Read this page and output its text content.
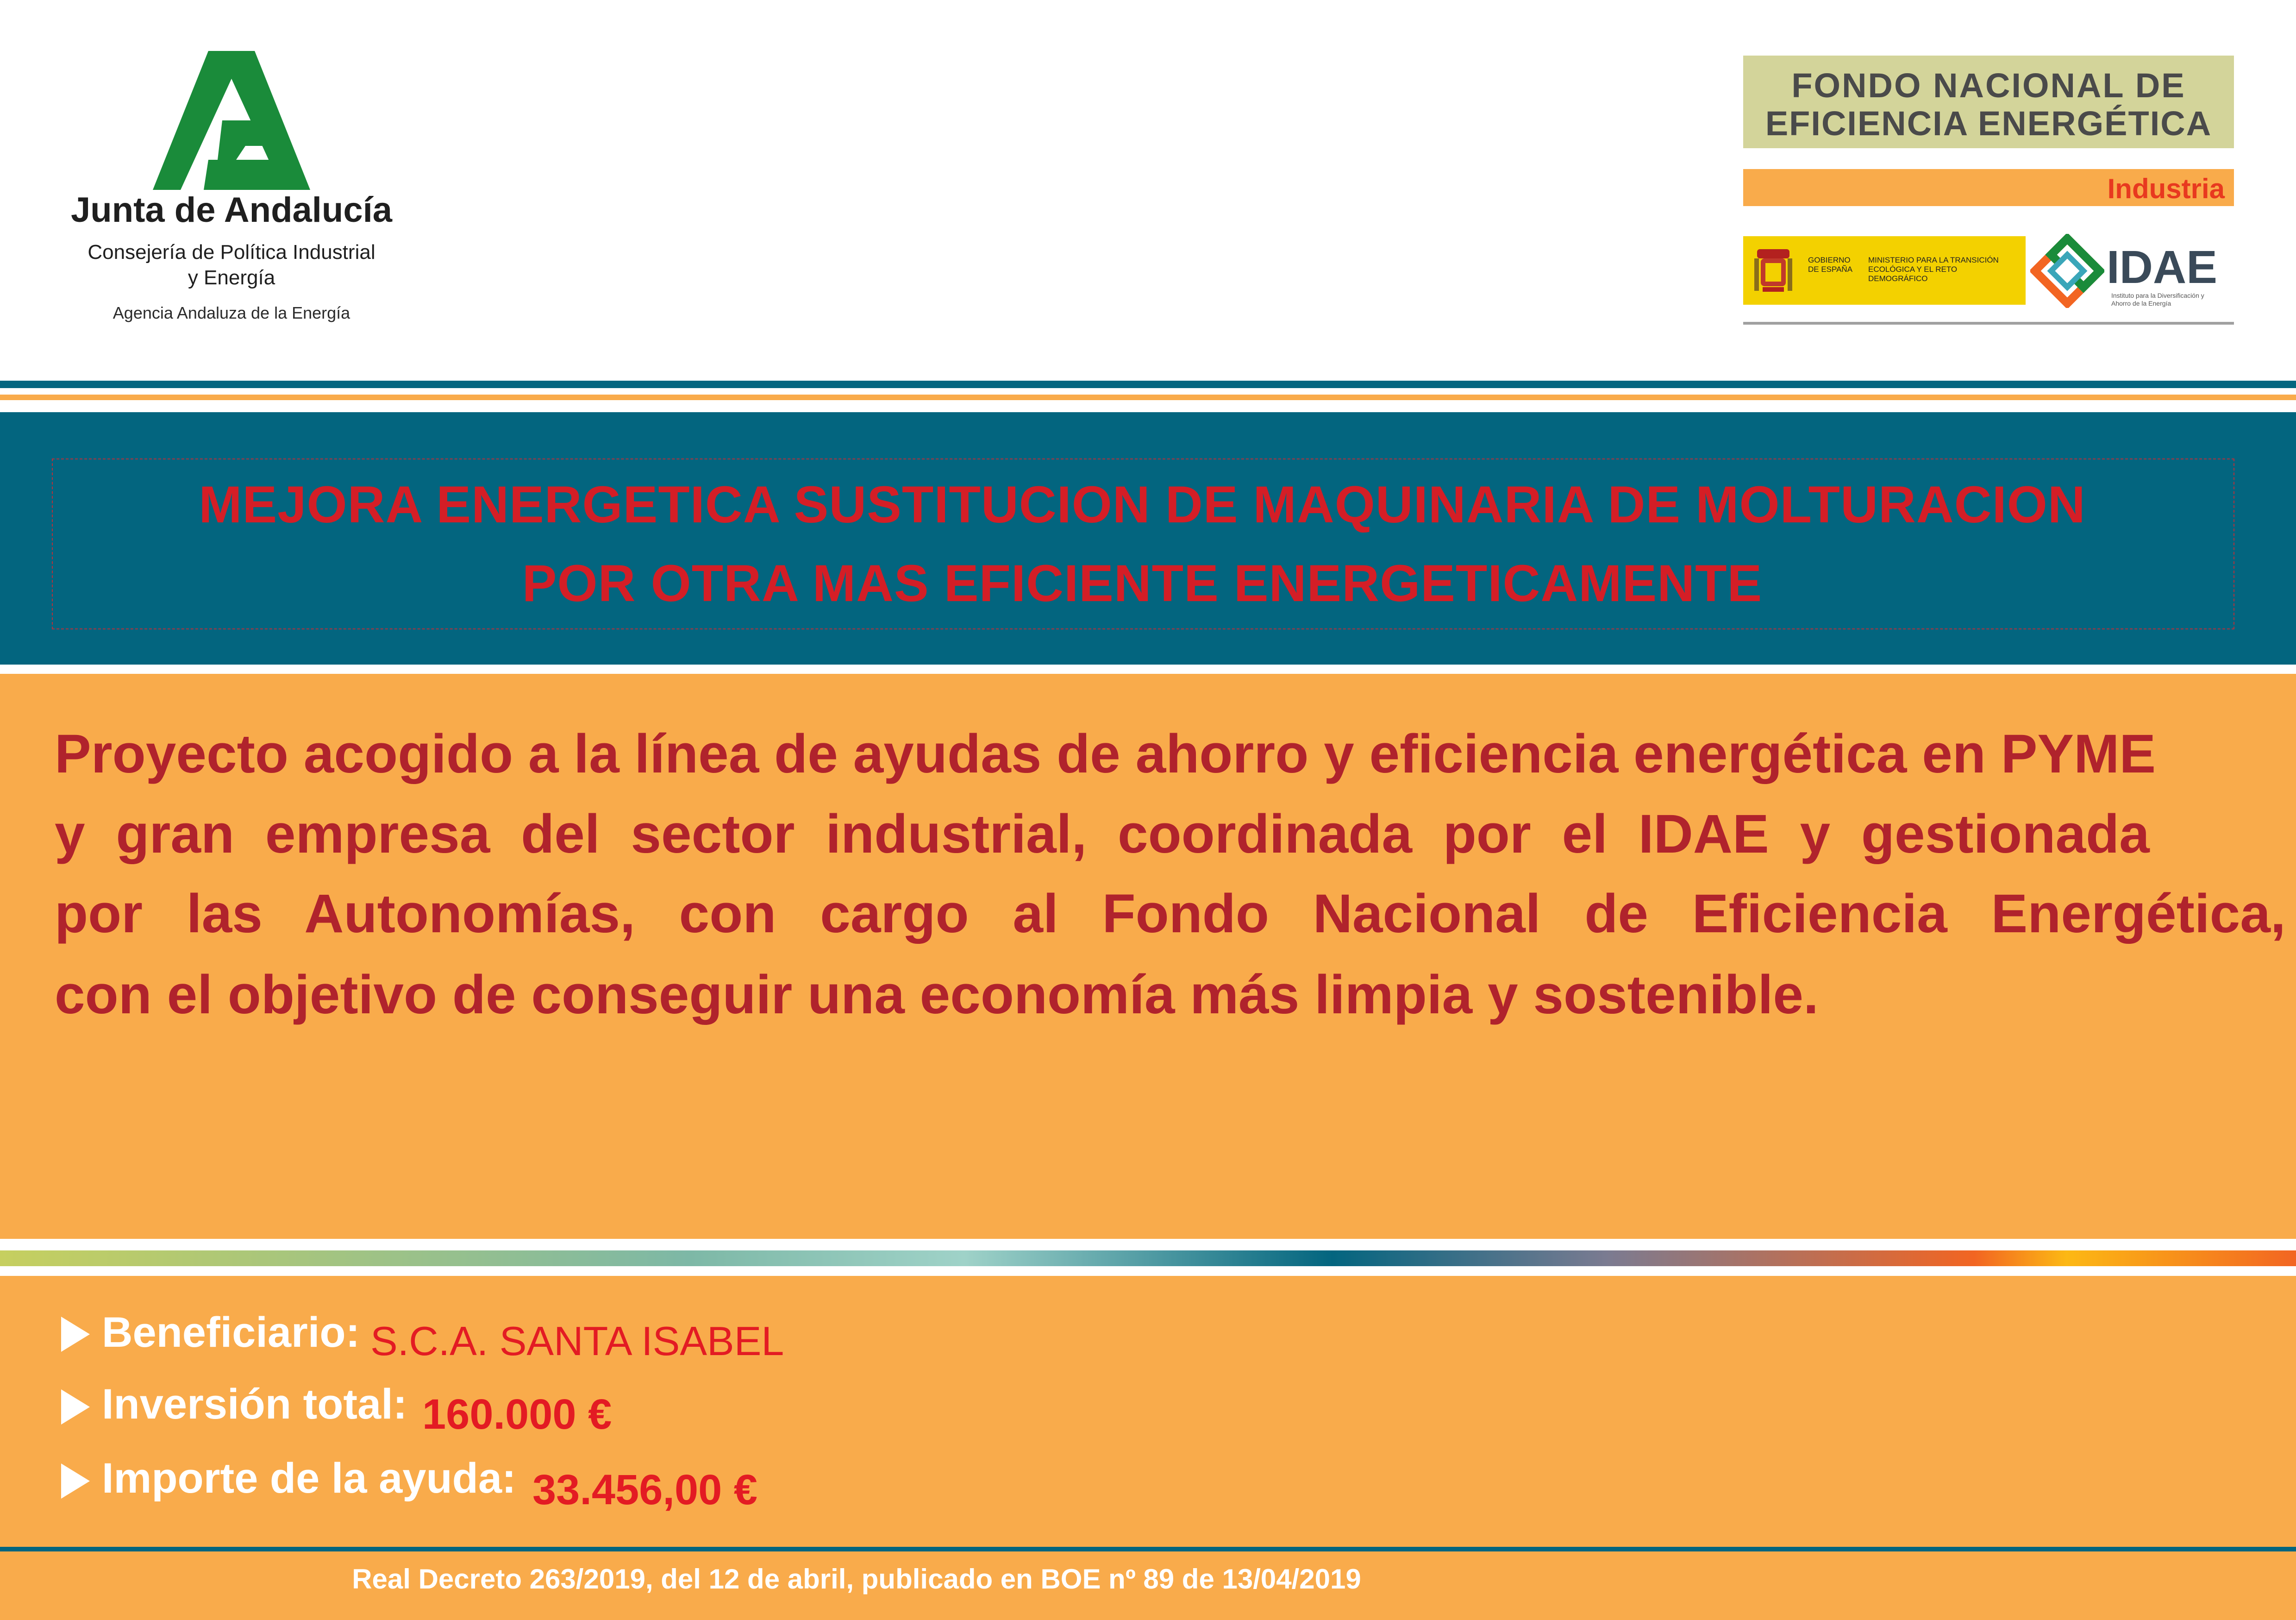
Junta de Andalucía
Consejería de Política Industrial
y Energía
Agencia Andaluza de la Energía
FONDO NACIONAL DE
EFICIENCIA ENERGÉTICA
Industria
GOBIERNO DE ESPAÑA
MINISTERIO PARA LA TRANSICIÓN ECOLÓGICA Y EL RETO DEMOGRÁFICO	IDAE
Instituto para la Diversificación y Ahorro de la Energía
MEJORA ENERGETICA SUSTITUCION DE MAQUINARIA DE MOLTURACION
POR OTRA MAS EFICIENTE ENERGETICAMENTE
Proyecto acogido a la línea de ayudas de ahorro y eficiencia energética en PYME
y gran empresa del sector industrial, coordinada por el IDAE y gestionada
por las Autonomías, con cargo al Fondo Nacional de Eficiencia Energética,
con el objetivo de conseguir una economía más limpia y sostenible.
Beneficiario: S.C.A. SANTA ISABEL
Inversión total: 160.000 €
Importe de la ayuda: 33.456,00 €
Real Decreto 263/2019, del 12 de abril, publicado en BOE nº 89 de 13/04/2019
